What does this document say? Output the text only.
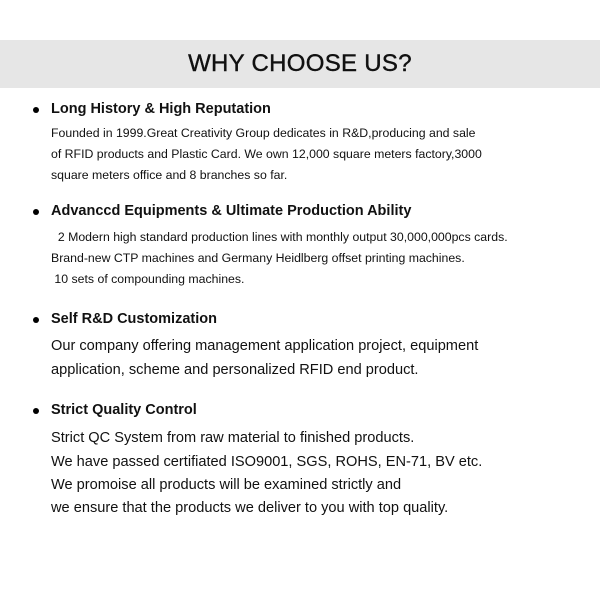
WHY CHOOSE US?
Long History & High Reputation
Founded in 1999.Great Creativity Group dedicates in R&D,producing and sale
of RFID products and Plastic Card. We own 12,000 square meters factory,3000
square meters office and 8 branches so far.
Advanccd Equipments & Ultimate Production Ability
2 Modern high standard production lines with monthly output 30,000,000pcs cards.
Brand-new CTP machines and Germany Heidlberg offset printing machines.
10 sets of compounding machines.
Self R&D Customization
Our company offering management application project, equipment
application, scheme and personalized RFID end product.
Strict Quality Control
Strict QC System from raw material to finished products.
We have passed certifiated ISO9001, SGS, ROHS, EN-71, BV etc.
We promoise all products will be examined strictly and
we ensure that the products we deliver to you with top quality.
